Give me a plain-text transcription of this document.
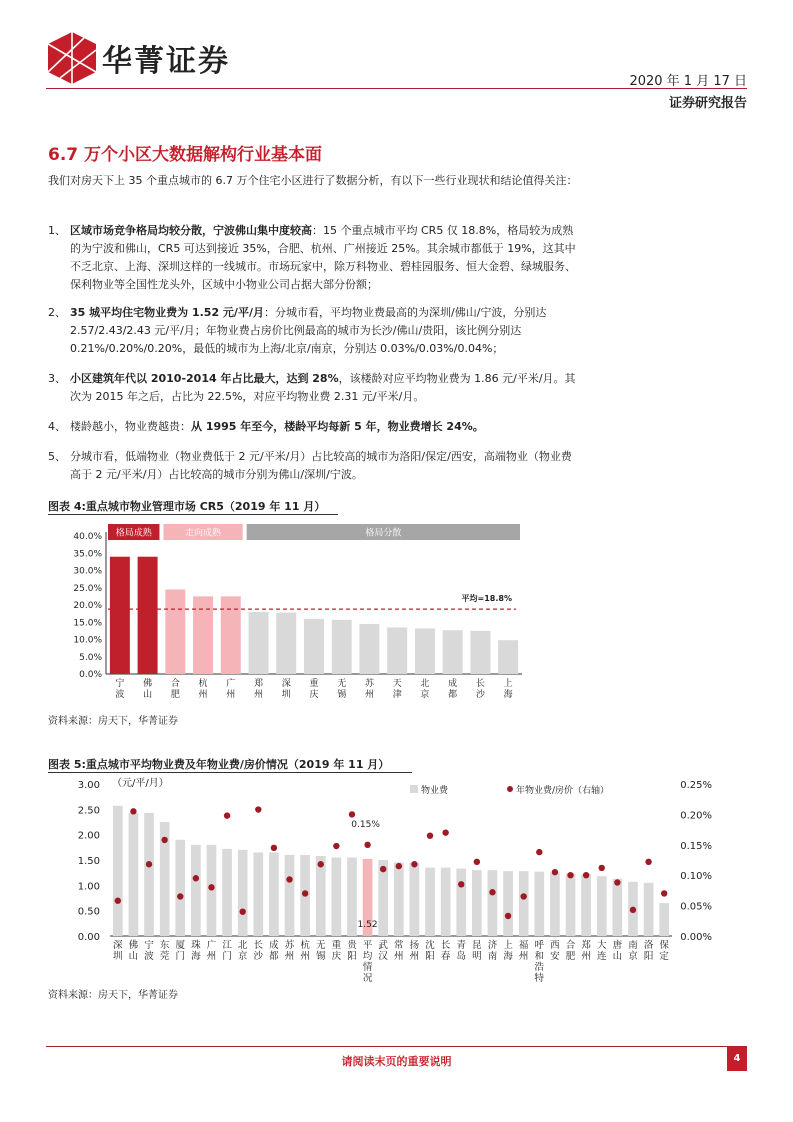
华菁证券
2020 年 1 月 17 日
证券研究报告
6.7 万个小区大数据解构行业基本面
我们对房天下上 35 个重点城市的 6.7 万个住宅小区进行了数据分析，有以下一些行业现状和结论值得关注：
1、 区域市场竞争格局均较分散，宁波佛山集中度较高：15 个重点城市平均 CR5 仅 18.8%，格局较为成熟的为宁波和佛山，CR5 可达到接近 35%，合肥、杭州、广州接近 25%。其余城市都低于 19%，这其中不乏北京、上海、深圳这样的一线城市。市场玩家中，除万科物业、碧桂园服务、恒大金碧、绿城服务、保利物业等全国性龙头外，区域中小物业公司占据大部分份额；
2、 35 城平均住宅物业费为 1.52 元/平/月：分城市看，平均物业费最高的为深圳/佛山/宁波，分别达 2.57/2.43/2.43 元/平/月；年物业费占房价比例最高的城市为长沙/佛山/贵阳，该比例分别达 0.21%/0.20%/0.20%，最低的城市为上海/北京/南京，分别达 0.03%/0.03%/0.04%；
3、 小区建筑年代以 2010-2014 年占比最大，达到 28%，该楼龄对应平均物业费为 1.86 元/平米/月。其次为 2015 年之后，占比为 22.5%，对应平均物业费 2.31 元/平米/月。
4、 楼龄越小，物业费越贵：从 1995 年至今，楼龄平均每新 5 年，物业费增长 24%。
5、 分城市看，低端物业（物业费低于 2 元/平米/月）占比较高的城市为洛阳/保定/西安，高端物业（物业费高于 2 元/平米/月）占比较高的城市分别为佛山/深圳/宁波。
图表 4:重点城市物业管理市场 CR5（2019 年 11 月）
格局成熟	走向成熟	格局分散
0.0%
5.0%
10.0%
15.0%
20.0%
25.0%
30.0%
35.0%
40.0%
宁
波
佛
山
合
肥
杭
州
广
州
郑
州
深
圳
重
庆
无
锡
苏
州
天
津
北
京
成
都
长
沙
上
海
平均=18.8%
资料来源：房天下，华菁证券
图表 5:重点城市平均物业费及年物业费/房价情况（2019 年 11 月）
0.00
0.50
1.00
1.50
2.00
2.50
3.00
0.00%
0.05%
0.10%
0.15%
0.20%
0.25%
（元/平/月）
物业费	年物业费/房价（右轴）
深
圳
佛
山
宁
波
东
莞
厦
门
珠
海
广
州
江
门
北
京
长
沙
成
都
苏
州
杭
州
无
锡
重
庆
贵
阳
平
均
情
况
1.52
0.15%
武
汉
常
州
扬
州
沈
阳
长
春
青
岛
昆
明
济
南
上
海
福
州
呼
和
浩
特
西
安
合
肥
郑
州
大
连
唐
山
南
京
洛
阳
保
定
资料来源：房天下，华菁证券
请阅读末页的重要说明	4
